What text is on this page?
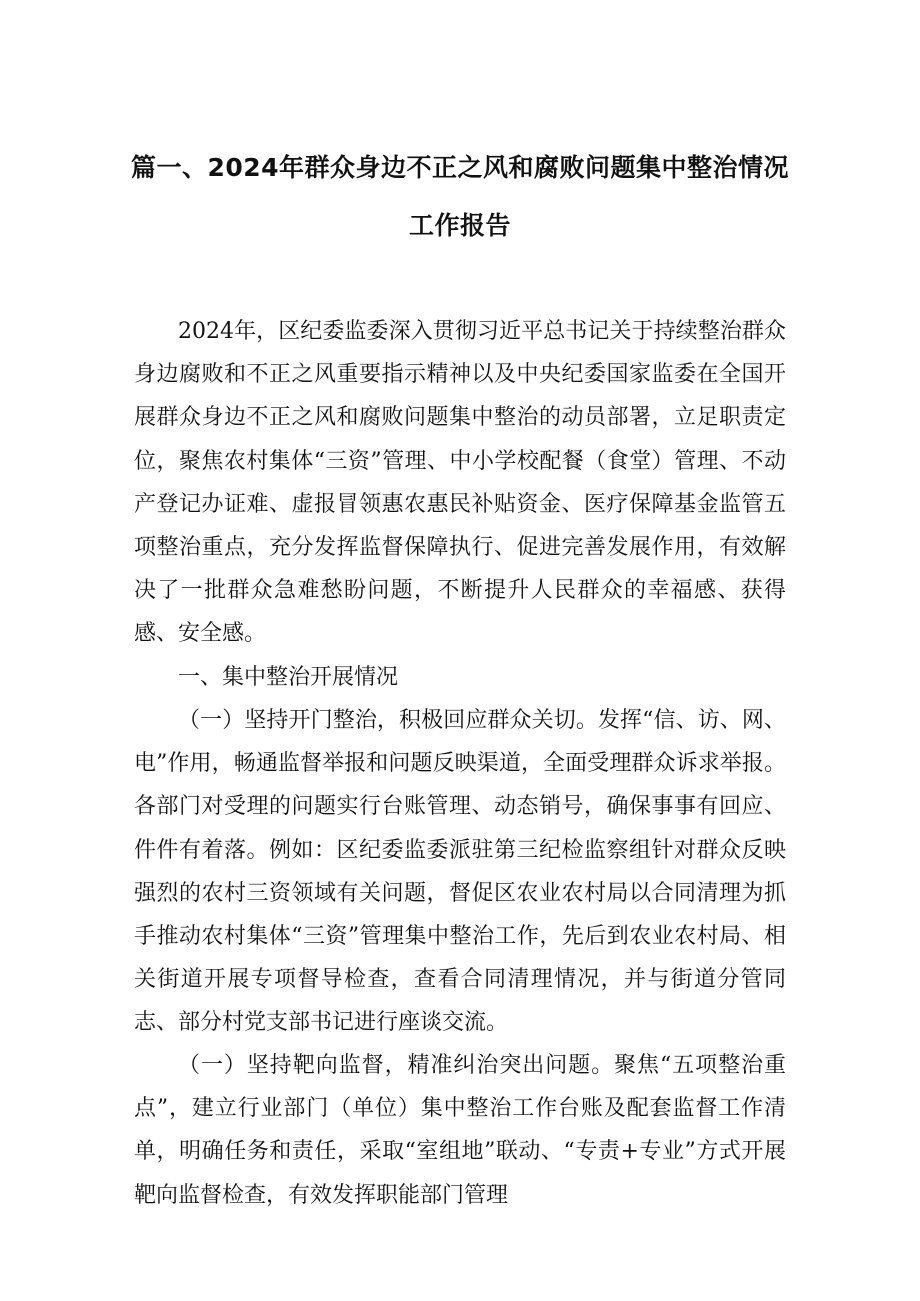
篇一、2024年群众身边不正之风和腐败问题集中整治情况
工作报告

2024年，区纪委监委深入贯彻习近平总书记关于持续整治群众身边腐败和不正之风重要指示精神以及中央纪委国家监委在全国开展群众身边不正之风和腐败问题集中整治的动员部署，立足职责定位，聚焦农村集体“三资”管理、中小学校配餐（食堂）管理、不动产登记办证难、虚报冒领惠农惠民补贴资金、医疗保障基金监管五项整治重点，充分发挥监督保障执行、促进完善发展作用，有效解决了一批群众急难愁盼问题，不断提升人民群众的幸福感、获得感、安全感。

一、集中整治开展情况

（一）坚持开门整治，积极回应群众关切。发挥“信、访、网、电”作用，畅通监督举报和问题反映渠道，全面受理群众诉求举报。各部门对受理的问题实行台账管理、动态销号，确保事事有回应、件件有着落。例如：区纪委监委派驻第三纪检监察组针对群众反映强烈的农村三资领域有关问题，督促区农业农村局以合同清理为抓手推动农村集体“三资”管理集中整治工作，先后到农业农村局、相关街道开展专项督导检查，查看合同清理情况，并与街道分管同志、部分村党支部书记进行座谈交流。

（一）坚持靶向监督，精准纠治突出问题。聚焦“五项整治重点”，建立行业部门（单位）集中整治工作台账及配套监督工作清单，明确任务和责任，采取“室组地”联动、“专责+专业”方式开展靶向监督检查，有效发挥职能部门管理
